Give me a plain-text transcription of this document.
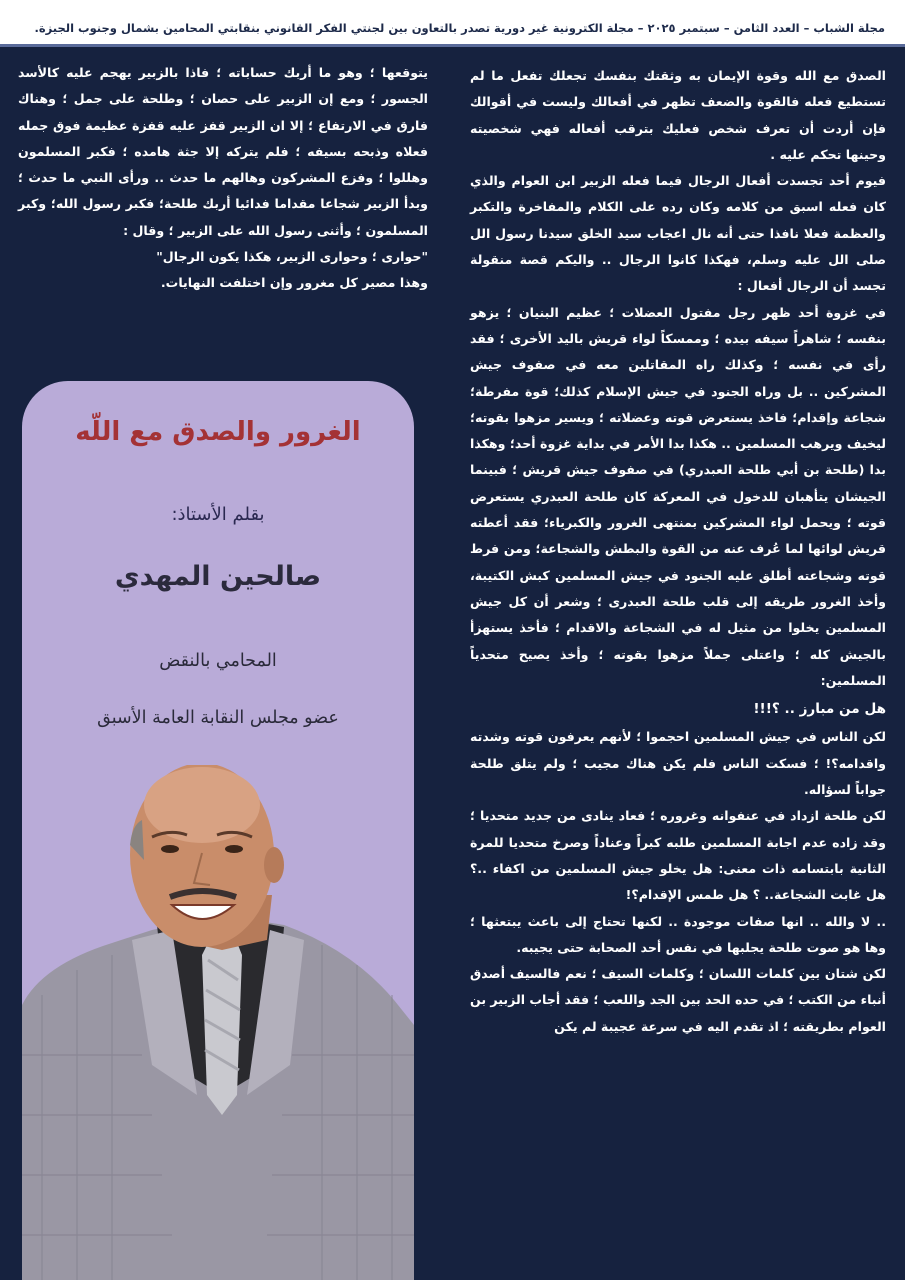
مجلة الشباب – العدد الثامن – سبتمبر ٢٠٢٥ – مجلة الكترونية غير دورية تصدر بالتعاون بين لجنتي الفكر القانوني بنقابتي المحامين بشمال وجنوب الجيزة.

الصدق مع الله وقوة الإيمان به وثقتك بنفسك تجعلك تفعل ما لم تستطيع فعله فالقوة والضعف تظهر في أفعالك وليست في أقوالك فإن أردت أن تعرف شخص فعليك بترقب أفعاله فهي شخصيته وحينها تحكم عليه .

فيوم أحد تجسدت أفعال الرجال فيما فعله الزبير ابن العوام والذي كان فعله اسبق من كلامه وكان رده على الكلام والمفاخرة والتكبر والعظمة فعلا نافذا حتى أنه نال اعجاب سيد الخلق سيدنا رسول الل صلى الل عليه وسلم، فهكذا كانوا الرجال .. واليكم قصة منقولة تجسد أن الرجال أفعال :

في غزوة أحد ظهر رجل مفتول العضلات ؛ عظيم البنيان ؛ يزهو بنفسه ؛ شاهراً سيفه بيده ؛ وممسكاً لواء قريش باليد الأخرى ؛ فقد رأى في نفسه ؛ وكذلك راه المقاتلين معه في صفوف جيش المشركين .. بل وراه الجنود في جيش الإسلام كذلك؛ قوة مفرطة؛ شجاعة وإقدام؛ فاخذ يستعرض قوته وعضلاته ؛ ويسير مزهوا بقوته؛ ليخيف ويرهب المسلمين .. هكذا بدا الأمر في بداية غزوة أحد؛ وهكذا بدا (طلحة بن أبي طلحة العبدري) في صفوف جيش قريش ؛ فبينما الجيشان يتأهبان للدخول في المعركة كان طلحة العبدري يستعرض قوته ؛ ويحمل لواء المشركين بمنتهى الغرور والكبرياء؛ فقد أعطته قريش لوائها لما عُرف عنه من القوة والبطش والشجاعة؛ ومن فرط قوته وشجاعته أطلق عليه الجنود في جيش المسلمين كبش الكتيبة، وأخذ الغرور طريقه إلى قلب طلحة العبدرى ؛ وشعر أن كل جيش المسلمين يخلوا من مثيل له في الشجاعة والاقدام ؛ فأخذ يستهزأ بالجيش كله ؛ واعتلى جملاً مزهوا بقوته ؛ وأخذ يصيح متحدياً المسلمين:

هل من مبارز .. ؟!!!

لكن الناس في جيش المسلمين احجموا ؛ لأنهم يعرفون قوته وشدته واقدامه؟! ؛ فسكت الناس فلم يكن هناك مجيب ؛ ولم يتلق طلحة جواباً لسؤاله.

لكن طلحة ازداد في عنفوانه وغروره ؛ فعاد ينادى من جديد متحديا ؛ وقد زاده عدم اجابة المسلمين طلبه كبراً وعناداً وصرخ متحديا للمرة الثانية بابتسامه ذات معنى: هل يخلو جيش المسلمين من اكفاء ..؟ هل غابت الشجاعة.. ؟ هل طمس الإقدام؟!

.. لا والله .. انها صفات موجودة .. لكنها تحتاج إلى باعث يبتعثها ؛ وها هو صوت طلحة يجلبها في نفس أحد الصحابة حتى يجيبه.

لكن شتان بين كلمات اللسان ؛ وكلمات السيف ؛ نعم فالسيف أصدق أنباء من الكتب ؛ في حده الحد بين الجد واللعب ؛ فقد أجاب الزبير بن العوام بطريقته ؛ اذ تقدم اليه في سرعة عجيبة لم يكن

يتوقعها ؛ وهو ما أربك حساباته ؛ فاذا بالزبير يهجم عليه كالأسد الجسور ؛ ومع إن الزبير على حصان ؛ وطلحة على جمل ؛ وهناك فارق في الارتفاع ؛ إلا ان الزبير قفز عليه قفزة عظيمة فوق جمله فعلاه وذبحه بسيفه ؛ فلم يتركه إلا جثة هامده ؛ فكبر المسلمون وهللوا ؛ وفزع المشركون وهالهم ما حدث .. ورأى النبي ما حدث ؛ وبدأ الزبير شجاعا مقداما فدائيا أربك طلحة؛ فكبر رسول الله؛ وكبر المسلمون ؛ وأثنى رسول الله على الزبير ؛ وقال :

"حوارى ؛ وحوارى الزبير، هكذا يكون الرجال"

وهذا مصير كل مغرور وإن اختلفت النهايات.

الغرور والصدق مع اللّه
بقلم الأستاذ:
صالحين المهدي
المحامي بالنقض
عضو مجلس النقابة العامة الأسبق
